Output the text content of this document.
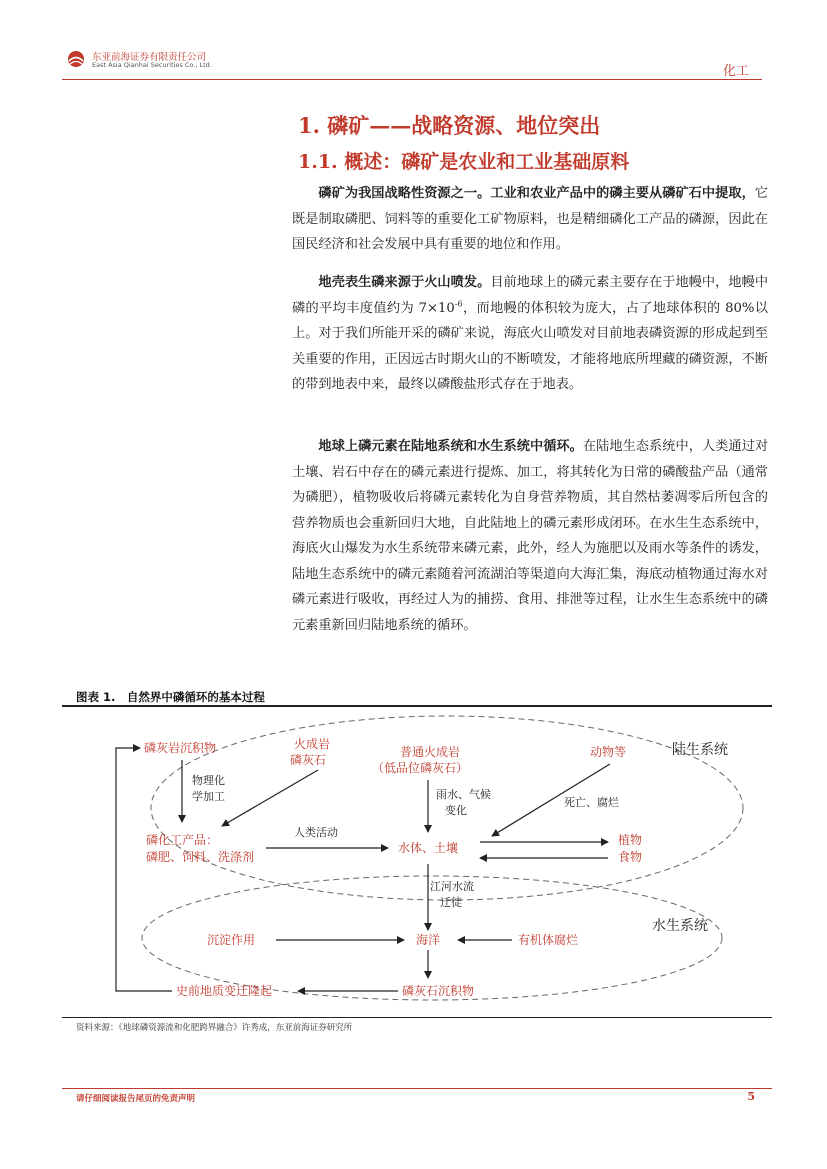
东亚前海证券有限责任公司
East Asia Qianhai Securities Co., Ltd.	化工
1. 磷矿——战略资源、地位突出
1.1. 概述：磷矿是农业和工业基础原料

磷矿为我国战略性资源之一。工业和农业产品中的磷主要从磷矿石中提取，它既是制取磷肥、饲料等的重要化工矿物原料，也是精细磷化工产品的磷源，因此在国民经济和社会发展中具有重要的地位和作用。

地壳表生磷来源于火山喷发。目前地球上的磷元素主要存在于地幔中，地幔中磷的平均丰度值约为 $7\times 10^{-6}$，而地幔的体积较为庞大，占了地球体积的 80%以上。对于我们所能开采的磷矿来说，海底火山喷发对目前地表磷资源的形成起到至关重要的作用，正因远古时期火山的不断喷发，才能将地底所埋藏的磷资源，不断的带到地表中来，最终以磷酸盐形式存在于地表。

地球上磷元素在陆地系统和水生系统中循环。在陆地生态系统中，人类通过对土壤、岩石中存在的磷元素进行提炼、加工，将其转化为日常的磷酸盐产品（通常为磷肥），植物吸收后将磷元素转化为自身营养物质，其自然枯萎凋零后所包含的营养物质也会重新回归大地，自此陆地上的磷元素形成闭环。在水生生态系统中，海底火山爆发为水生系统带来磷元素，此外，经人为施肥以及雨水等条件的诱发，陆地生态系统中的磷元素随着河流湖泊等渠道向大海汇集，海底动植物通过海水对磷元素进行吸收，再经过人为的捕捞、食用、排泄等过程，让水生生态系统中的磷元素重新回归陆地系统的循环。

图表 1.　自然界中磷循环的基本过程
陆生系统
水生系统
磷灰岩沉积物	火成岩
磷灰石
普通火成岩
（低品位磷灰石）
动物等
磷化工产品：
磷肥、饲料、洗涤剂
水体、土壤
植物
食物
沉淀作用	海洋	有机体腐烂
史前地质变迁隆起	磷灰石沉积物
物理化
学加工	雨水、气候
变化
死亡、腐烂
人类活动
江河水流
迁徙
资料来源：《地球磷资源流和化肥跨界融合》许秀成，东亚前海证券研究所
请仔细阅读报告尾页的免责声明	5
